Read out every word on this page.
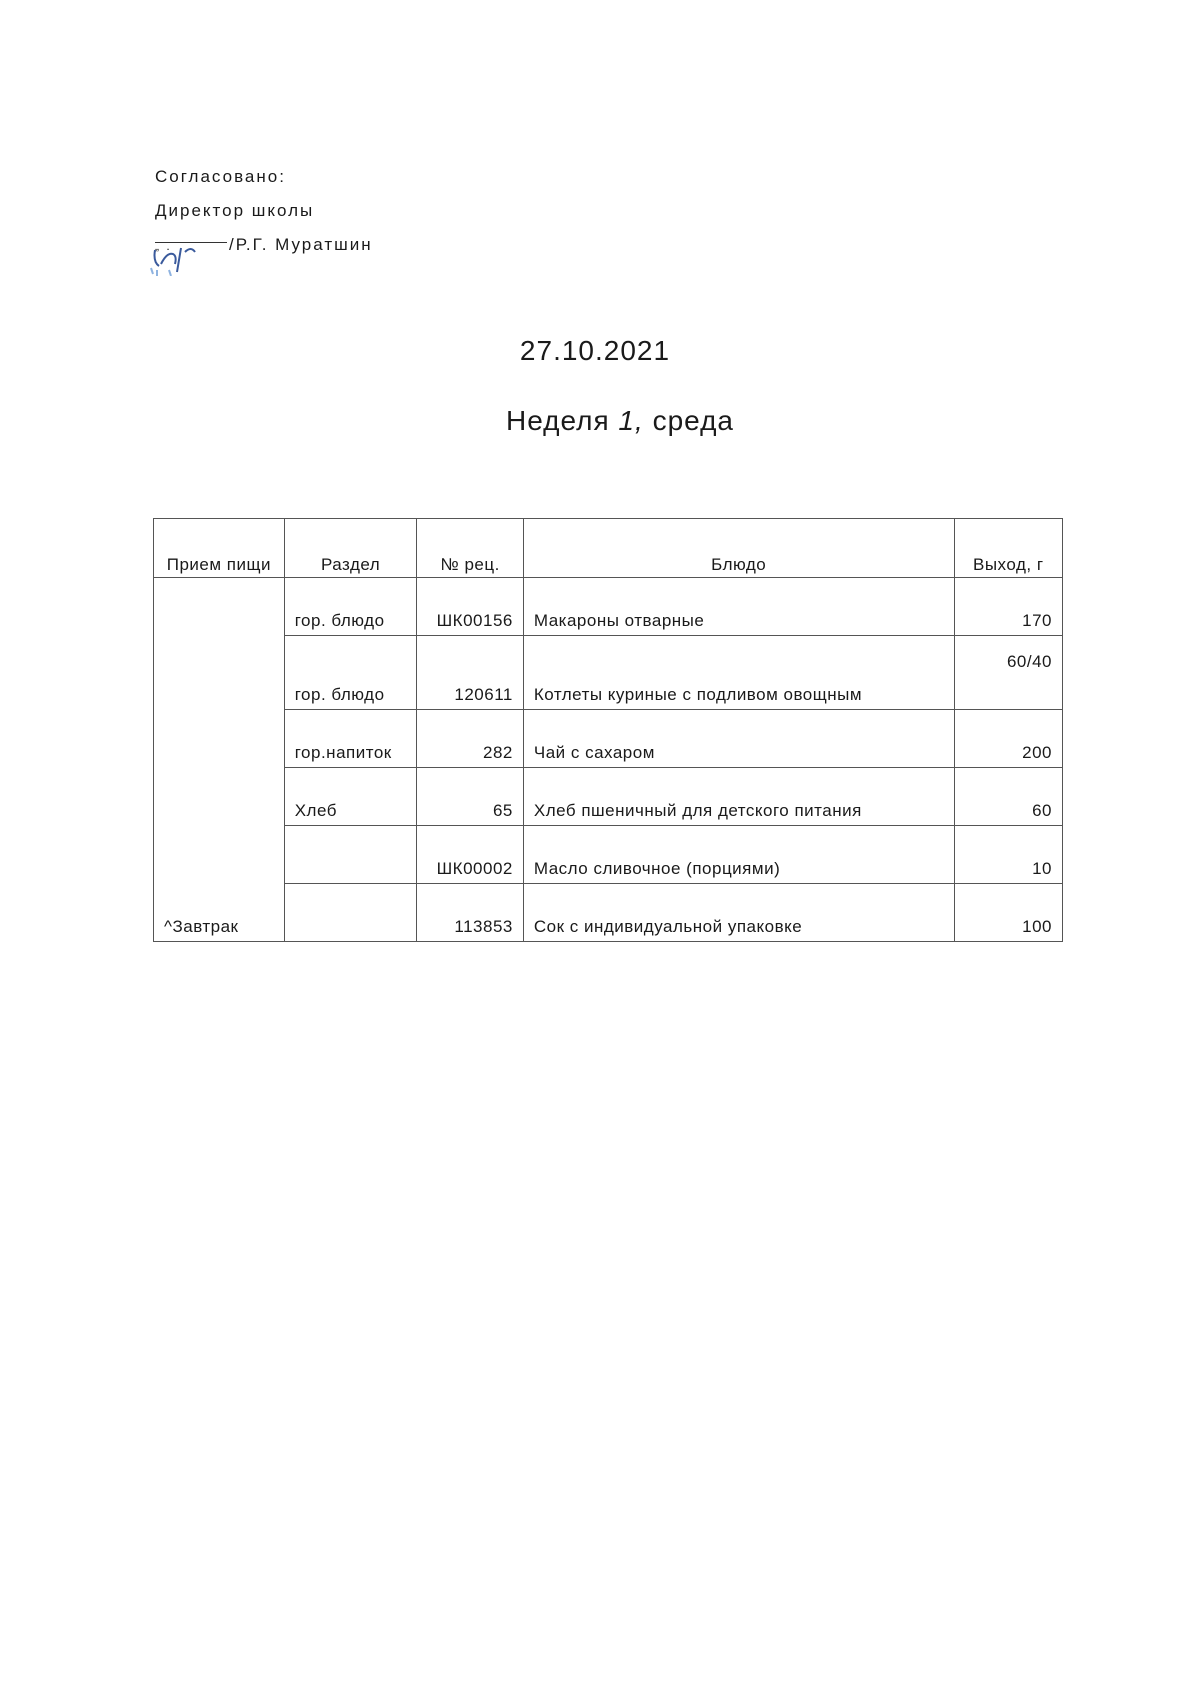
Согласовано:
Директор школы
„ .	/Р.Г. Муратшин
27.10.2021
Неделя 1, среда
Прием пищи	Раздел	№ рец.	Блюдо	Выход, г
^Завтрак	гор. блюдо	ШК00156	Макароны отварные	170
	гор. блюдо	120611	Котлеты куриные с подливом овощным	60/40
	гор.напиток	282	Чай с сахаром	200
	Хлеб	65	Хлеб пшеничный для детского питания	60
		ШК00002	Масло сливочное (порциями)	10
		113853	Сок с индивидуальной упаковке	100
